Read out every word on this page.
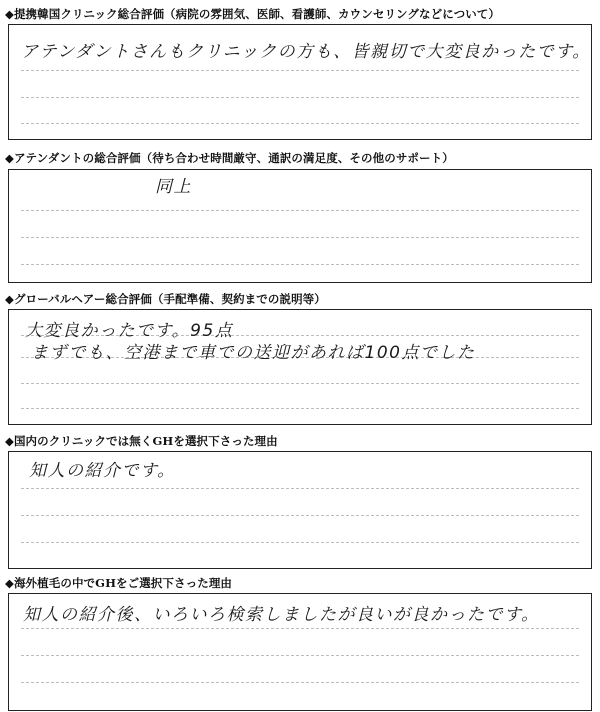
◆提携韓国クリニック総合評価（病院の雰囲気、医師、看護師、カウンセリングなどについて）
アテンダントさんもクリニックの方も、皆親切で大変良かったです。
◆アテンダントの総合評価（待ち合わせ時間厳守、通訳の満足度、その他のサポート）
同上
◆グローバルヘアー総合評価（手配準備、契約までの説明等）
大変良かったです。95点
まずでも、空港まで車での送迎があれば100点でした
◆国内のクリニックでは無くGHを選択下さった理由
知人の紹介です。
◆海外植毛の中でGHをご選択下さった理由
知人の紹介後、いろいろ検索しましたが良いが良かったです。
